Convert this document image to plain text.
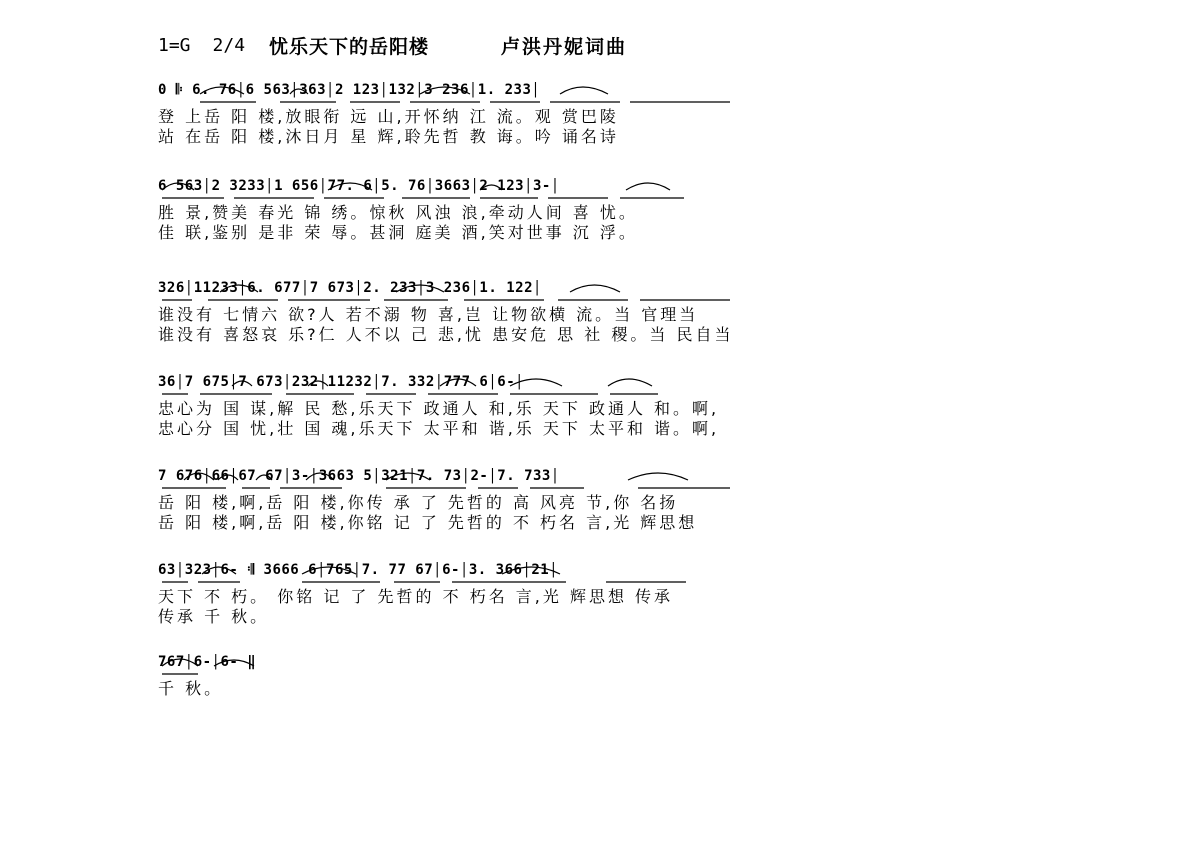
1=G 2/4 忧乐天下的岳阳楼	卢洪丹妮词曲
0 𝄆 6. 76│6 563│363│2 123│132│3 236│1. 233│
登 上岳 阳 楼,放眼衔 远 山,开怀纳 江 流。观 赏巴陵
站 在岳 阳 楼,沐日月 星 辉,聆先哲 教 诲。吟 诵名诗
6 563│2 3233│1 656│77. 6│5. 76│3663│2 123│3-│
胜 景,赞美 春光 锦 绣。惊秋 风浊 浪,牵动人间 喜 忧。
佳 联,鉴别 是非 荣 辱。甚洞 庭美 酒,笑对世事 沉 浮。
326│11233│6. 677│7 673│2. 233│3 236│1. 122│
谁没有 七情六 欲?人 若不溺 物 喜,岂 让物欲横 流。当 官理当
谁没有 喜怒哀 乐?仁 人不以 己 悲,忧 患安危 思 社 稷。当 民自当
36│7 675│7 673│232│11232│7. 332│777 6│6-│
忠心为 国 谋,解 民 愁,乐天下 政通人 和,乐 天下 政通人 和。啊,
忠心分 国 忧,壮 国 魂,乐天下 太平和 谐,乐 天下 太平和 谐。啊,
7 676│66│67 67│3-│3663 5│321│7. 73│2-│7. 733│
岳 阳 楼,啊,岳 阳 楼,你传 承 了 先哲的 高 风亮 节,你 名扬
岳 阳 楼,啊,岳 阳 楼,你铭 记 了 先哲的 不 朽名 言,光 辉思想
63│323│6- 𝄇 3666 6│765│7. 77 67│6-│3. 366│21│
天下 不 朽。 你铭 记 了 先哲的 不 朽名 言,光 辉思想 传承
传承 千 秋。
767│6-│6- ‖
千 秋。
